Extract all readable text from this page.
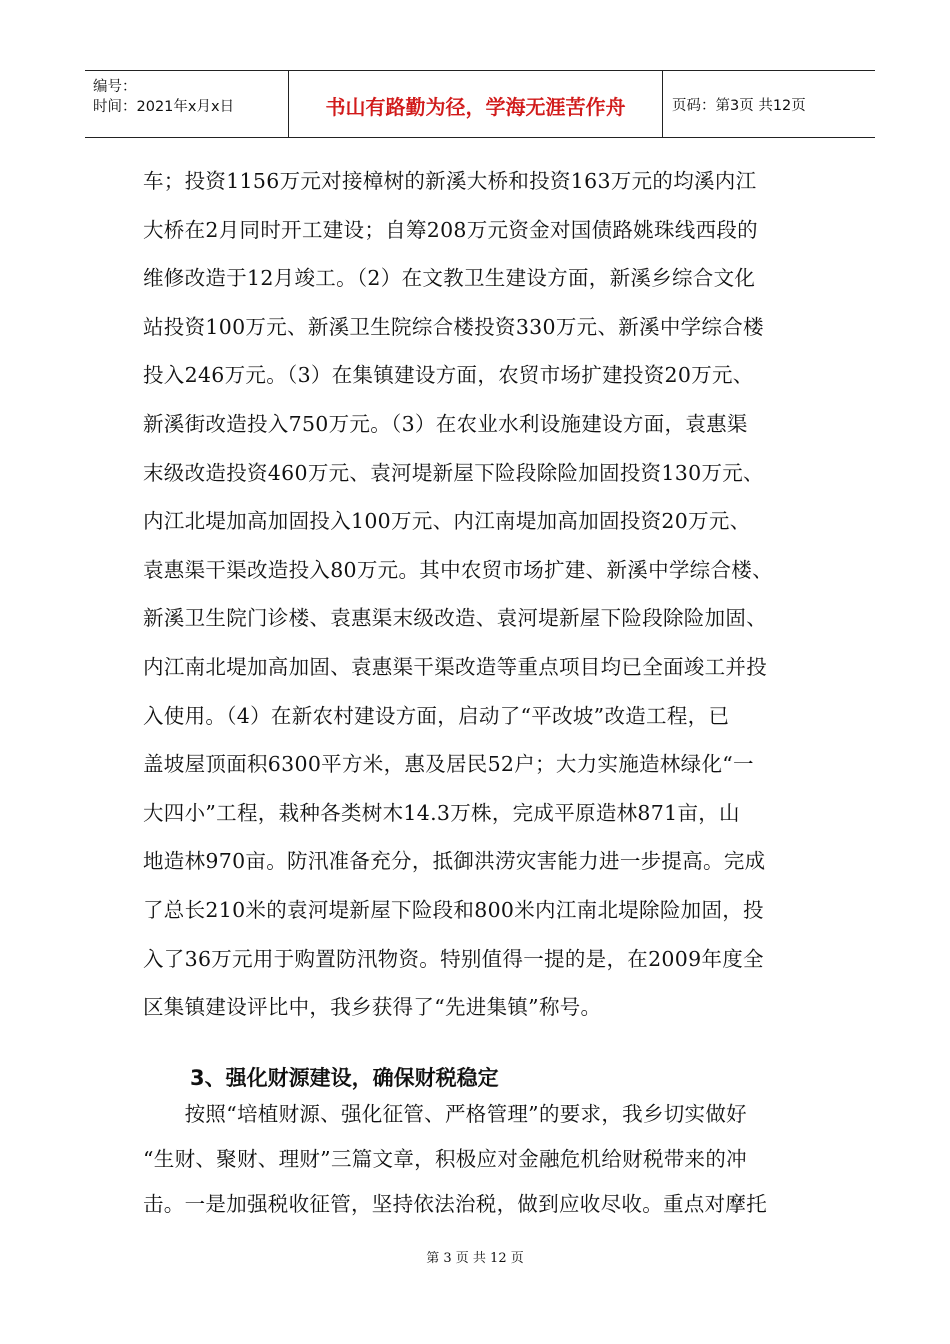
编号：
时间：2021年x月x日	书山有路勤为径，学海无涯苦作舟	页码：第3页 共12页
车；投资1156万元对接樟树的新溪大桥和投资163万元的均溪内江
大桥在2月同时开工建设；自筹208万元资金对国债路姚珠线西段的
维修改造于12月竣工。（2）在文教卫生建设方面，新溪乡综合文化
站投资100万元、新溪卫生院综合楼投资330万元、新溪中学综合楼
投入246万元。（3）在集镇建设方面，农贸市场扩建投资20万元、
新溪街改造投入750万元。（3）在农业水利设施建设方面，袁惠渠
末级改造投资460万元、袁河堤新屋下险段除险加固投资130万元、
内江北堤加高加固投入100万元、内江南堤加高加固投资20万元、
袁惠渠干渠改造投入80万元。其中农贸市场扩建、新溪中学综合楼、
新溪卫生院门诊楼、袁惠渠末级改造、袁河堤新屋下险段除险加固、
内江南北堤加高加固、袁惠渠干渠改造等重点项目均已全面竣工并投
入使用。（4）在新农村建设方面，启动了“平改坡”改造工程，已
盖坡屋顶面积6300平方米，惠及居民52户；大力实施造林绿化“一
大四小”工程，栽种各类树木14.3万株，完成平原造林871亩，山
地造林970亩。防汛准备充分，抵御洪涝灾害能力进一步提高。完成
了总长210米的袁河堤新屋下险段和800米内江南北堤除险加固，投
入了36万元用于购置防汛物资。特别值得一提的是，在2009年度全
区集镇建设评比中，我乡获得了“先进集镇”称号。
3、强化财源建设，确保财税稳定
　　按照“培植财源、强化征管、严格管理”的要求，我乡切实做好
“生财、聚财、理财”三篇文章，积极应对金融危机给财税带来的冲
击。一是加强税收征管，坚持依法治税，做到应收尽收。重点对摩托
第 3 页 共 12 页
